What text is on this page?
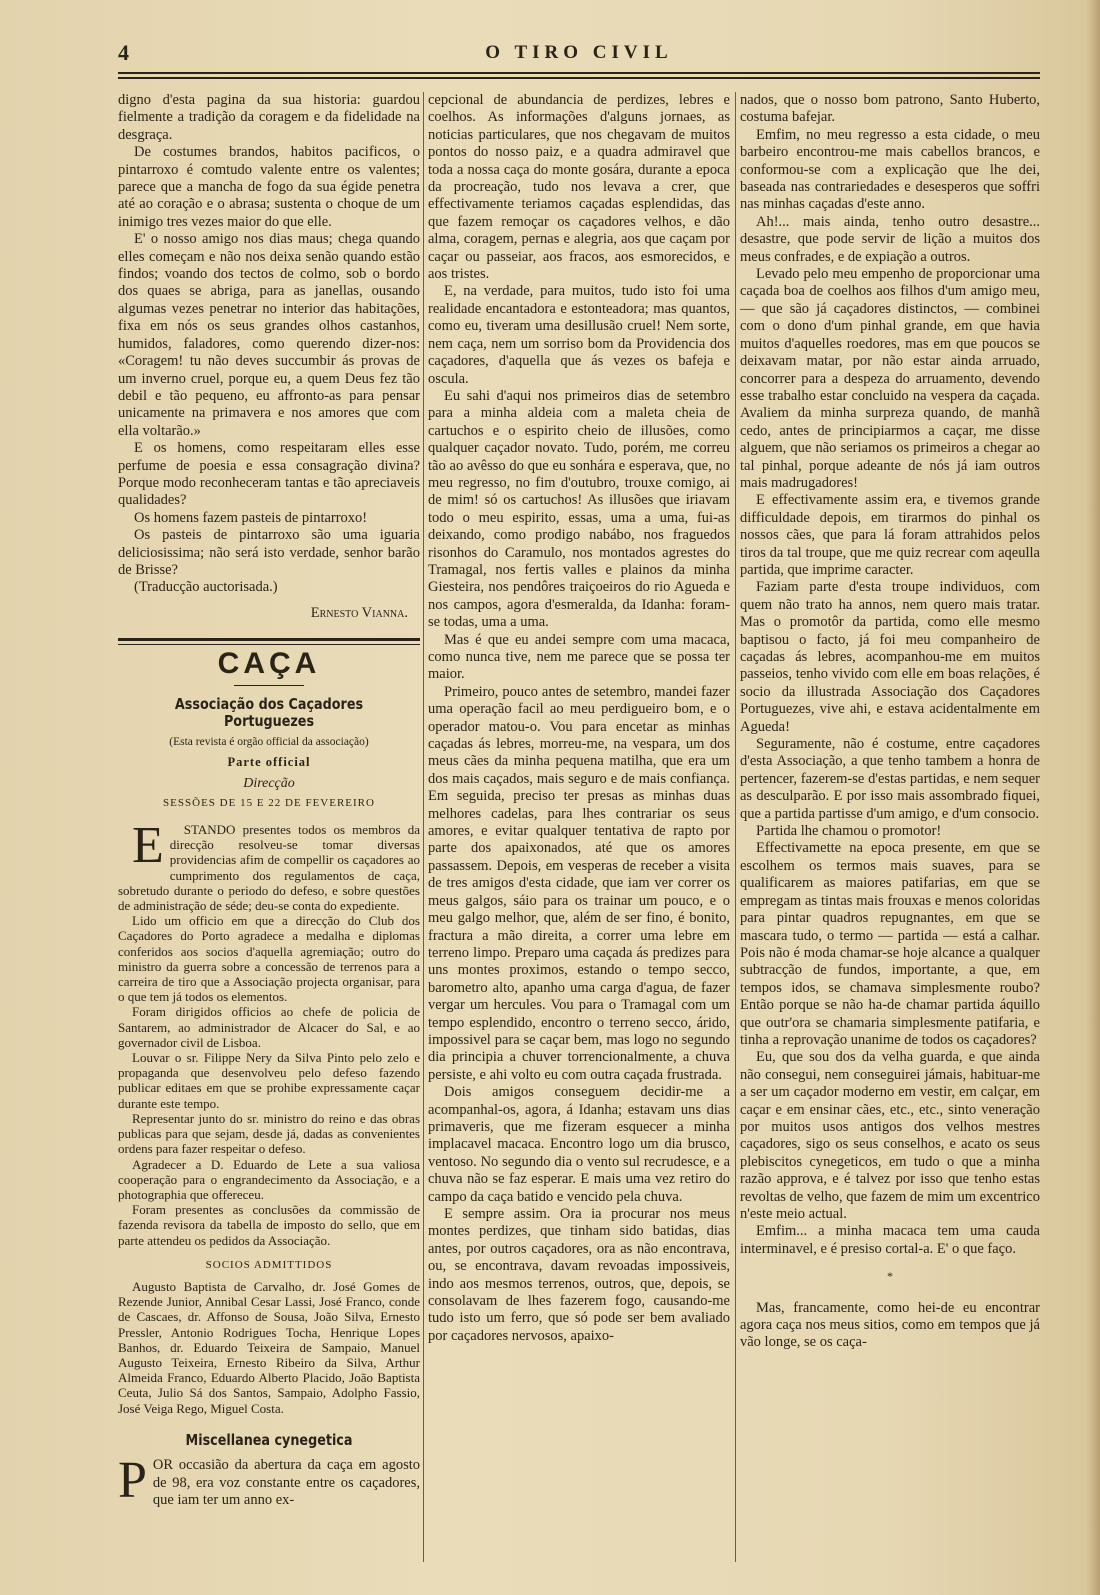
4	O TIRO CIVIL

digno d'esta pagina da sua historia: guardou fielmente a tradição da coragem e da fidelidade na desgraça.

De costumes brandos, habitos pacificos, o pintarroxo é comtudo valente entre os valentes; parece que a mancha de fogo da sua égide penetra até ao coração e o abrasa; sustenta o choque de um inimigo tres vezes maior do que elle.

E' o nosso amigo nos dias maus; chega quando elles começam e não nos deixa senão quando estão findos; voando dos tectos de colmo, sob o bordo dos quaes se abriga, para as janellas, ousando algumas vezes penetrar no interior das habitações, fixa em nós os seus grandes olhos castanhos, humidos, faladores, como querendo dizer-nos: «Coragem! tu não deves succumbir ás provas de um inverno cruel, porque eu, a quem Deus fez tão debil e tão pequeno, eu affronto-as para pensar unicamente na primavera e nos amores que com ella voltarão.»

E os homens, como respeitaram elles esse perfume de poesia e essa consagração divina? Porque modo reconheceram tantas e tão apreciaveis qualidades?

Os homens fazem pasteis de pintarroxo!

Os pasteis de pintarroxo são uma iguaria deliciosissima; não será isto verdade, senhor barão de Brisse?

(Traducção auctorisada.)

Ernesto Vianna.
CAÇA
Associação dos Caçadores Portuguezes
(Esta revista é orgão official da associação)
Parte official
Direcção
SESSÕES DE 15 E 22 DE FEVEREIRO

E STANDO presentes todos os membros da direcção resolveu-se tomar diversas providencias afim de compellir os caçadores ao cumprimento dos regulamentos de caça, sobretudo durante o periodo do defeso, e sobre questões de administração de séde; deu-se conta do expediente.

Lido um officio em que a direcção do Club dos Caçadores do Porto agradece a medalha e diplomas conferidos aos socios d'aquella agremiação; outro do ministro da guerra sobre a concessão de terrenos para a carreira de tiro que a Associação projecta organisar, para o que tem já todos os elementos.

Foram dirigidos officios ao chefe de policia de Santarem, ao administrador de Alcacer do Sal, e ao governador civil de Lisboa.

Louvar o sr. Filippe Nery da Silva Pinto pelo zelo e propaganda que desenvolveu pelo defeso fazendo publicar editaes em que se prohibe expressamente caçar durante este tempo.

Representar junto do sr. ministro do reino e das obras publicas para que sejam, desde já, dadas as convenientes ordens para fazer respeitar o defeso.

Agradecer a D. Eduardo de Lete a sua valiosa cooperação para o engrandecimento da Associação, e a photographia que offereceu.

Foram presentes as conclusões da commissão de fazenda revisora da tabella de imposto do sello, que em parte attendeu os pedidos da Associação.

SOCIOS ADMITTIDOS

Augusto Baptista de Carvalho, dr. José Gomes de Rezende Junior, Annibal Cesar Lassi, José Franco, conde de Cascaes, dr. Affonso de Sousa, João Silva, Ernesto Pressler, Antonio Rodrigues Tocha, Henrique Lopes Banhos, dr. Eduardo Teixeira de Sampaio, Manuel Augusto Teixeira, Ernesto Ribeiro da Silva, Arthur Almeida Franco, Eduardo Alberto Placido, João Baptista Ceuta, Julio Sá dos Santos, Sampaio, Adolpho Fassio, José Veiga Rego, Miguel Costa.

Miscellanea cynegetica

POR occasião da abertura da caça em agosto de 98, era voz constante entre os caçadores, que iam ter um anno ex-

cepcional de abundancia de perdizes, lebres e coelhos. As informações d'alguns jornaes, as noticias particulares, que nos chegavam de muitos pontos do nosso paiz, e a quadra admiravel que toda a nossa caça do monte gosára, durante a epoca da procreação, tudo nos levava a crer, que effectivamente teriamos caçadas esplendidas, das que fazem remoçar os caçadores velhos, e dão alma, coragem, pernas e alegria, aos que caçam por caçar ou passeiar, aos fracos, aos esmorecidos, e aos tristes.

E, na verdade, para muitos, tudo isto foi uma realidade encantadora e estonteadora; mas quantos, como eu, tiveram uma desillusão cruel! Nem sorte, nem caça, nem um sorriso bom da Providencia dos caçadores, d'aquella que ás vezes os bafeja e oscula.

Eu sahi d'aqui nos primeiros dias de setembro para a minha aldeia com a maleta cheia de cartuchos e o espirito cheio de illusões, como qualquer caçador novato. Tudo, porém, me correu tão ao avêsso do que eu sonhára e esperava, que, no meu regresso, no fim d'outubro, trouxe comigo, ai de mim! só os cartuchos! As illusões que iriavam todo o meu espirito, essas, uma a uma, fui-as deixando, como prodigo nabábo, nos fraguedos risonhos do Caramulo, nos montados agrestes do Tramagal, nos fertis valles e plainos da minha Giesteira, nos pendôres traiçoeiros do rio Agueda e nos campos, agora d'esmeralda, da Idanha: foram-se todas, uma a uma.

Mas é que eu andei sempre com uma macaca, como nunca tive, nem me parece que se possa ter maior.

Primeiro, pouco antes de setembro, mandei fazer uma operação facil ao meu perdigueiro bom, e o operador matou-o. Vou para encetar as minhas caçadas ás lebres, morreu-me, na vespara, um dos meus cães da minha pequena matilha, que era um dos mais caçados, mais seguro e de mais confiança. Em seguida, preciso ter presas as minhas duas melhores cadelas, para lhes contrariar os seus amores, e evitar qualquer tentativa de rapto por parte dos apaixonados, até que os amores passassem. Depois, em vesperas de receber a visita de tres amigos d'esta cidade, que iam ver correr os meus galgos, sáio para os trainar um pouco, e o meu galgo melhor, que, além de ser fino, é bonito, fractura a mão direita, a correr uma lebre em terreno limpo. Preparo uma caçada ás predizes para uns montes proximos, estando o tempo secco, barometro alto, apanho uma carga d'agua, de fazer vergar um hercules. Vou para o Tramagal com um tempo esplendido, encontro o terreno secco, árido, impossivel para se caçar bem, mas logo no segundo dia principia a chuver torrencionalmente, a chuva persiste, e ahi volto eu com outra caçada frustrada.

Dois amigos conseguem decidir-me a acompanhal-os, agora, á Idanha; estavam uns dias primaveris, que me fizeram esquecer a minha implacavel macaca. Encontro logo um dia brusco, ventoso. No segundo dia o vento sul recrudesce, e a chuva não se faz esperar. E mais uma vez retiro do campo da caça batido e vencido pela chuva.

E sempre assim. Ora ia procurar nos meus montes perdizes, que tinham sido batidas, dias antes, por outros caçadores, ora as não encontrava, ou, se encontrava, davam revoadas impossiveis, indo aos mesmos terrenos, outros, que, depois, se consolavam de lhes fazerem fogo, causando-me tudo isto um ferro, que só pode ser bem avaliado por caçadores nervosos, apaixo-

nados, que o nosso bom patrono, Santo Huberto, costuma bafejar.

Emfim, no meu regresso a esta cidade, o meu barbeiro encontrou-me mais cabellos brancos, e conformou-se com a explicação que lhe dei, baseada nas contrariedades e desesperos que soffri nas minhas caçadas d'este anno.

Ah!... mais ainda, tenho outro desastre... desastre, que pode servir de lição a muitos dos meus confrades, e de expiação a outros.

Levado pelo meu empenho de proporcionar uma caçada boa de coelhos aos filhos d'um amigo meu, — que são já caçadores distinctos, — combinei com o dono d'um pinhal grande, em que havia muitos d'aquelles roedores, mas em que poucos se deixavam matar, por não estar ainda arruado, concorrer para a despeza do arruamento, devendo esse trabalho estar concluido na vespera da caçada. Avaliem da minha surpreza quando, de manhã cedo, antes de principiarmos a caçar, me disse alguem, que não seriamos os primeiros a chegar ao tal pinhal, porque adeante de nós já iam outros mais madrugadores!

E effectivamente assim era, e tivemos grande difficuldade depois, em tirarmos do pinhal os nossos cães, que para lá foram attrahidos pelos tiros da tal troupe, que me quiz recrear com aqeulla partida, que imprime caracter.

Faziam parte d'esta troupe individuos, com quem não trato ha annos, nem quero mais tratar. Mas o promotôr da partida, como elle mesmo baptisou o facto, já foi meu companheiro de caçadas ás lebres, acompanhou-me em muitos passeios, tenho vivido com elle em boas relações, é socio da illustrada Associação dos Caçadores Portuguezes, vive ahi, e estava acidentalmente em Agueda!

Seguramente, não é costume, entre caçadores d'esta Associação, a que tenho tambem a honra de pertencer, fazerem-se d'estas partidas, e nem sequer as desculparão. E por isso mais assombrado fiquei, que a partida partisse d'um amigo, e d'um consocio.

Partida lhe chamou o promotor!

Effectivamette na epoca presente, em que se escolhem os termos mais suaves, para se qualificarem as maiores patifarias, em que se empregam as tintas mais frouxas e menos coloridas para pintar quadros repugnantes, em que se mascara tudo, o termo — partida — está a calhar. Pois não é moda chamar-se hoje alcance a qualquer subtracção de fundos, importante, a que, em tempos idos, se chamava simplesmente roubo? Então porque se não ha-de chamar partida áquillo que outr'ora se chamaria simplesmente patifaria, e tinha a reprovação unanime de todos os caçadores?

Eu, que sou dos da velha guarda, e que ainda não consegui, nem conseguirei jámais, habituar-me a ser um caçador moderno em vestir, em calçar, em caçar e em ensinar cães, etc., etc., sinto veneração por muitos usos antigos dos velhos mestres caçadores, sigo os seus conselhos, e acato os seus plebiscitos cynegeticos, em tudo o que a minha razão approva, e é talvez por isso que tenho estas revoltas de velho, que fazem de mim um excentrico n'este meio actual.

Emfim... a minha macaca tem uma cauda interminavel, e é presiso cortal-a. E' o que faço.

*

Mas, francamente, como hei-de eu encontrar agora caça nos meus sitios, como em tempos que já vão longe, se os caça-
